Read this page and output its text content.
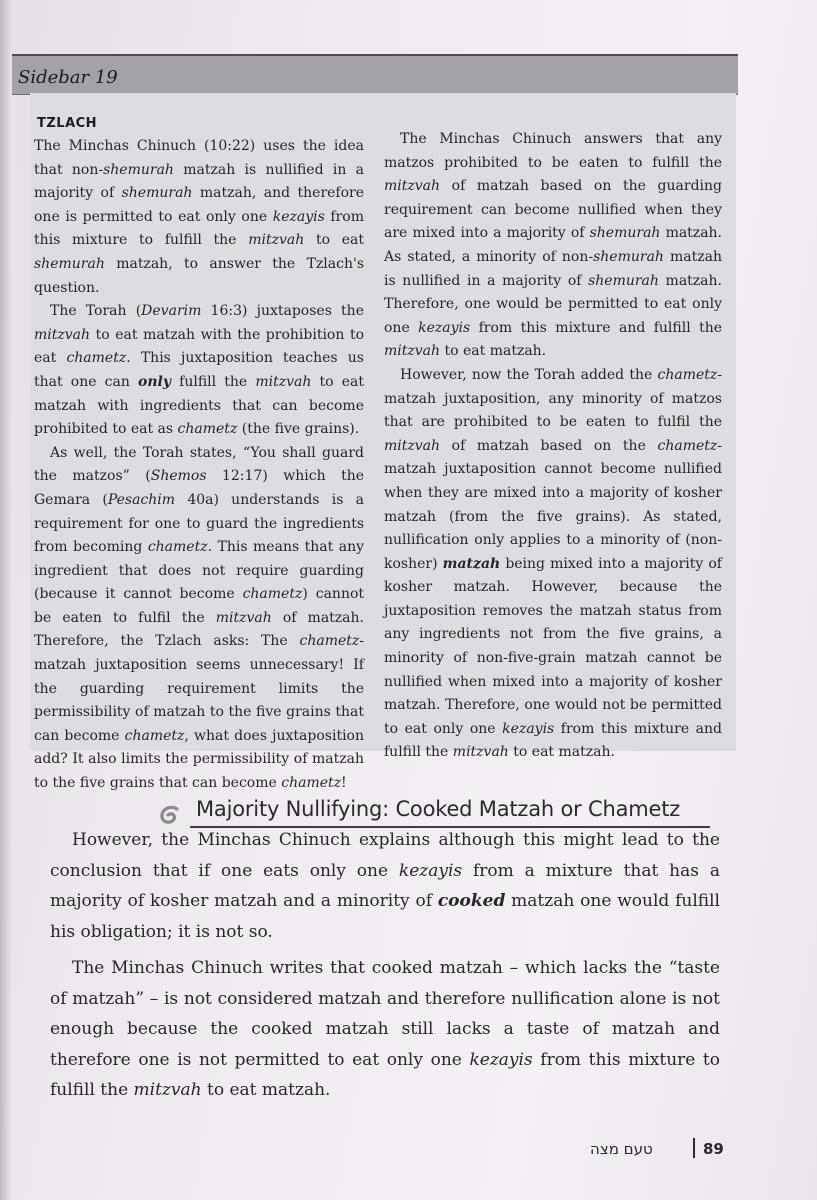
Sidebar 19
TZLACH

The Minchas Chinuch (10:22) uses the idea that non-shemurah matzah is nullified in a majority of shemurah matzah, and therefore one is permitted to eat only one kezayis from this mixture to fulfill the mitzvah to eat shemurah matzah, to answer the Tzlach's question.

The Torah (Devarim 16:3) juxtaposes the mitzvah to eat matzah with the prohibition to eat chametz. This juxtaposition teaches us that one can only fulfill the mitzvah to eat matzah with ingredients that can become prohibited to eat as chametz (the five grains).

As well, the Torah states, “You shall guard the matzos” (Shemos 12:17) which the Gemara (Pesachim 40a) understands is a requirement for one to guard the ingredients from becoming chametz. This means that any ingredient that does not require guarding (because it cannot become chametz) cannot be eaten to fulfil the mitzvah of matzah. Therefore, the Tzlach asks: The chametz-matzah juxtaposition seems unnecessary! If the guarding requirement limits the permissibility of matzah to the five grains that can become chametz, what does juxtaposition add? It also limits the permissibility of matzah to the five grains that can become chametz!

The Minchas Chinuch answers that any matzos prohibited to be eaten to fulfill the mitzvah of matzah based on the guarding requirement can become nullified when they are mixed into a majority of shemurah matzah. As stated, a minority of non-shemurah matzah is nullified in a majority of shemurah matzah. Therefore, one would be permitted to eat only one kezayis from this mixture and fulfill the mitzvah to eat matzah.

However, now the Torah added the chametz-matzah juxtaposition, any minority of matzos that are prohibited to be eaten to fulfil the mitzvah of matzah based on the chametz-matzah juxtaposition cannot become nullified when they are mixed into a majority of kosher matzah (from the five grains). As stated, nullification only applies to a minority of (non-kosher) matzah being mixed into a majority of kosher matzah. However, because the juxtaposition removes the matzah status from any ingredients not from the five grains, a minority of non-five-grain matzah cannot be nullified when mixed into a majority of kosher matzah. Therefore, one would not be permitted to eat only one kezayis from this mixture and fulfill the mitzvah to eat matzah.

Majority Nullifying: Cooked Matzah or Chametz

However, the Minchas Chinuch explains although this might lead to the conclusion that if one eats only one kezayis from a mixture that has a majority of kosher matzah and a minority of cooked matzah one would fulfill his obligation; it is not so.

The Minchas Chinuch writes that cooked matzah – which lacks the “taste of matzah” – is not considered matzah and therefore nullification alone is not enough because the cooked matzah still lacks a taste of matzah and therefore one is not permitted to eat only one kezayis from this mixture to fulfill the mitzvah to eat matzah.

טעם מצה	89
